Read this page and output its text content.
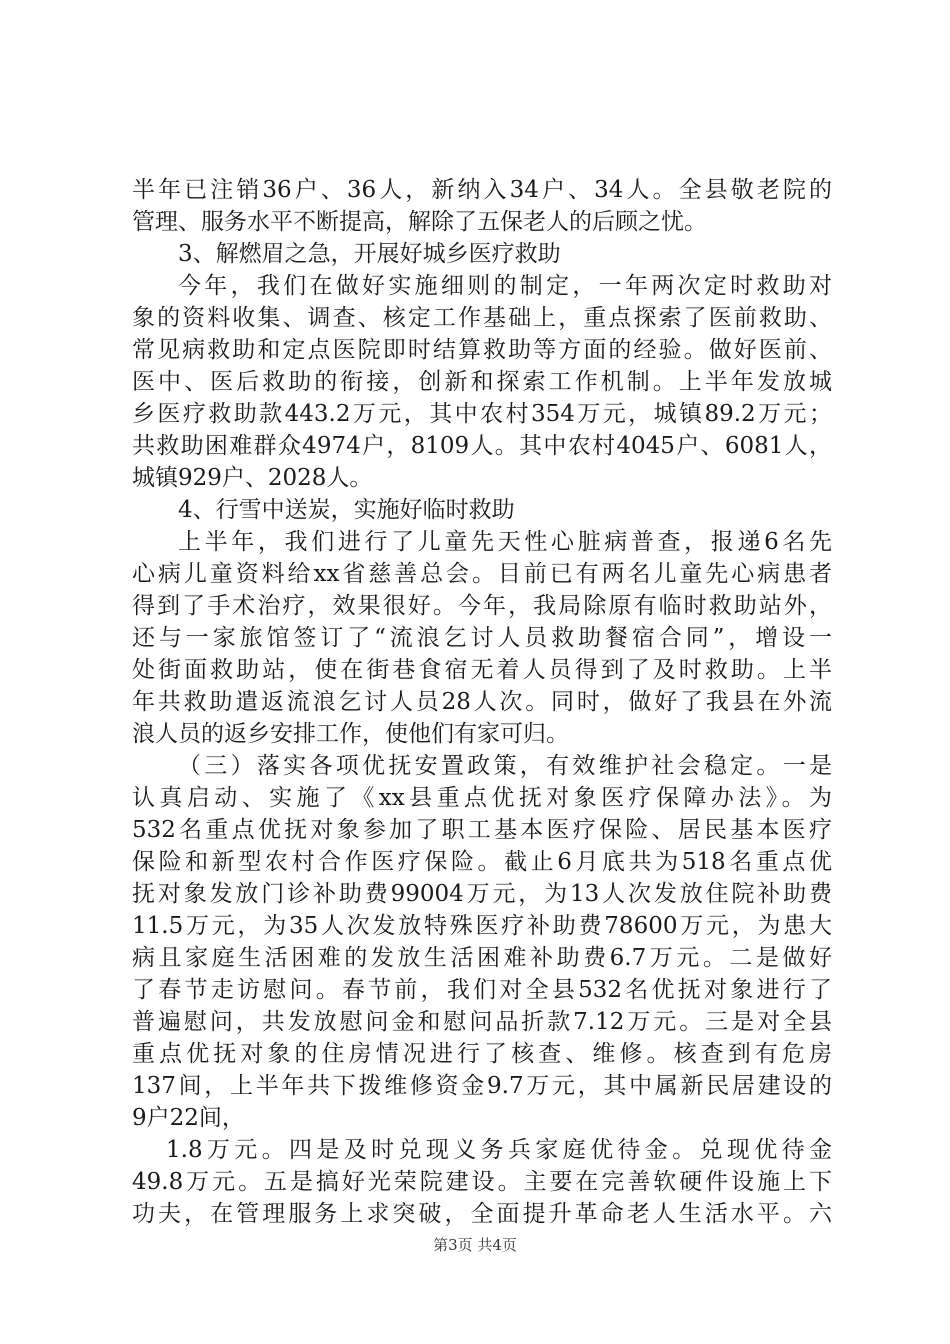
半年已注销36户、36人，新纳入34户、34人。全县敬老院的
管理、服务水平不断提高，解除了五保老人的后顾之忧。
3、解燃眉之急，开展好城乡医疗救助
今年，我们在做好实施细则的制定，一年两次定时救助对
象的资料收集、调查、核定工作基础上，重点探索了医前救助、
常见病救助和定点医院即时结算救助等方面的经验。做好医前、
医中、医后救助的衔接，创新和探索工作机制。上半年发放城
乡医疗救助款443.2万元，其中农村354万元，城镇89.2万元；
共救助困难群众4974户，8109人。其中农村4045户、6081人，
城镇929户、2028人。
4、行雪中送炭，实施好临时救助
上半年，我们进行了儿童先天性心脏病普查，报递6名先
心病儿童资料给xx省慈善总会。目前已有两名儿童先心病患者
得到了手术治疗，效果很好。今年，我局除原有临时救助站外，
还与一家旅馆签订了“流浪乞讨人员救助餐宿合同”，增设一
处街面救助站，使在街巷食宿无着人员得到了及时救助。上半
年共救助遣返流浪乞讨人员28人次。同时，做好了我县在外流
浪人员的返乡安排工作，使他们有家可归。
（三）落实各项优抚安置政策，有效维护社会稳定。一是
认真启动、实施了《xx县重点优抚对象医疗保障办法》。为
532名重点优抚对象参加了职工基本医疗保险、居民基本医疗
保险和新型农村合作医疗保险。截止6月底共为518名重点优
抚对象发放门诊补助费99004万元，为13人次发放住院补助费
11.5万元，为35人次发放特殊医疗补助费78600万元，为患大
病且家庭生活困难的发放生活困难补助费6.7万元。二是做好
了春节走访慰问。春节前，我们对全县532名优抚对象进行了
普遍慰问，共发放慰问金和慰问品折款7.12万元。三是对全县
重点优抚对象的住房情况进行了核查、维修。核查到有危房
137间，上半年共下拨维修资金9.7万元，其中属新民居建设的
9户22间，
1.8万元。四是及时兑现义务兵家庭优待金。兑现优待金
49.8万元。五是搞好光荣院建设。主要在完善软硬件设施上下
功夫，在管理服务上求突破，全面提升革命老人生活水平。六
第3页 共4页
